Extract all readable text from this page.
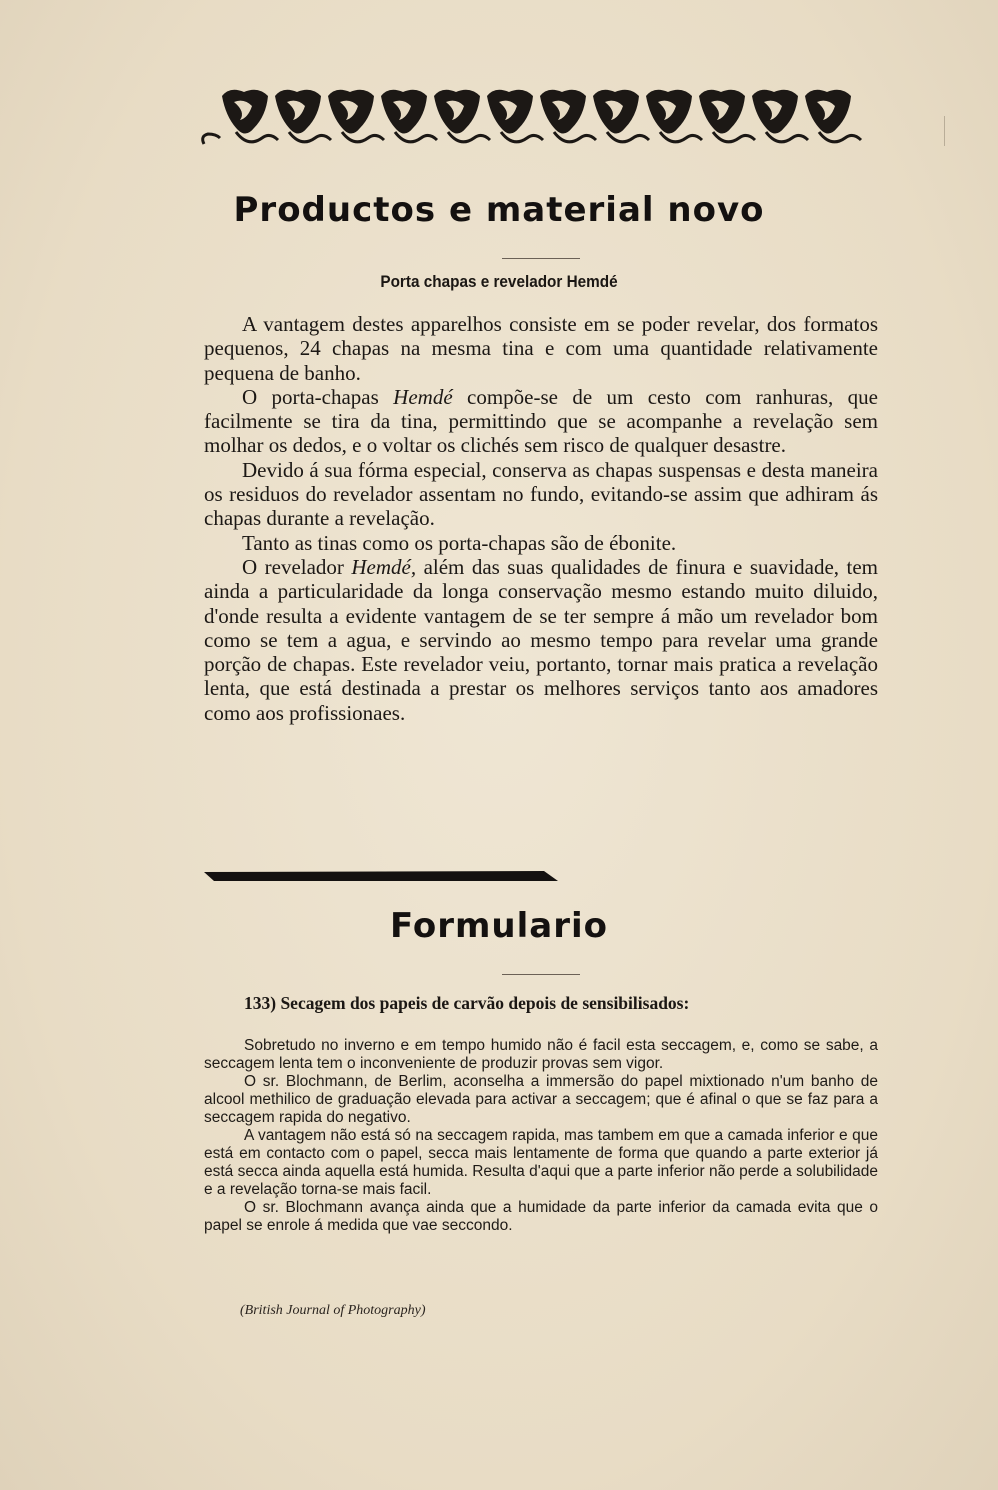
Productos e material novo
Porta chapas e revelador Hemdé

A vantagem destes apparelhos consiste em se poder revelar, dos formatos pequenos, 24 chapas na mesma tina e com uma quantidade relativamente pequena de banho.

O porta-chapas Hemdé compõe-se de um cesto com ranhuras, que facilmente se tira da tina, permittindo que se acompanhe a revelação sem molhar os dedos, e o voltar os clichés sem risco de qualquer desastre.

Devido á sua fórma especial, conserva as chapas suspensas e desta maneira os residuos do revelador assentam no fundo, evitando-se assim que adhiram ás chapas durante a revelação.

Tanto as tinas como os porta-chapas são de ébonite.

O revelador Hemdé, além das suas qualidades de finura e suavidade, tem ainda a particularidade da longa conservação mesmo estando muito diluido, d'onde resulta a evidente vantagem de se ter sempre á mão um revelador bom como se tem a agua, e servindo ao mesmo tempo para revelar uma grande porção de chapas. Este revelador veiu, portanto, tornar mais pratica a revelação lenta, que está destinada a prestar os melhores serviços tanto aos amadores como aos profissionaes.

Formulario
133) Secagem dos papeis de carvão depois de sensibilisados:

Sobretudo no inverno e em tempo humido não é facil esta seccagem, e, como se sabe, a seccagem lenta tem o inconveniente de produzir provas sem vigor.

O sr. Blochmann, de Berlim, aconselha a immersão do papel mixtionado n'um banho de alcool methilico de graduação elevada para activar a seccagem; que é afinal o que se faz para a seccagem rapida do negativo.

A vantagem não está só na seccagem rapida, mas tambem em que a camada inferior e que está em contacto com o papel, secca mais lentamente de forma que quando a parte exterior já está secca ainda aquella está humida. Resulta d'aqui que a parte inferior não perde a solubilidade e a revelação torna-se mais facil.

O sr. Blochmann avança ainda que a humidade da parte inferior da camada evita que o papel se enrole á medida que vae seccondo.

(British Journal of Photography)
